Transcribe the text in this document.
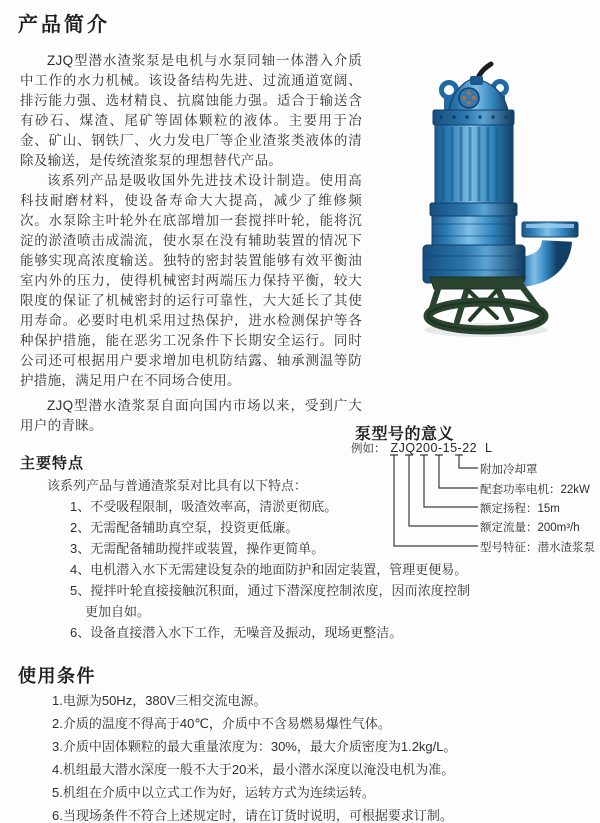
产品简介

ZJQ型潜水渣浆泵是电机与水泵同轴一体潜入介质中工作的水力机械。该设备结构先进、过流通道宽阔、排污能力强、选材精良、抗腐蚀能力强。适合于输送含有砂石、煤渣、尾矿等固体颗粒的液体。主要用于冶金、矿山、钢铁厂、火力发电厂等企业渣浆类液体的清除及输送，是传统渣浆泵的理想替代产品。

该系列产品是吸收国外先进技术设计制造。使用高科技耐磨材料，使设备寿命大大提高，减少了维修频次。水泵除主叶轮外在底部增加一套搅拌叶轮，能将沉淀的淤渣喷击成湍流，使水泵在没有辅助装置的情况下能够实现高浓度输送。独特的密封装置能够有效平衡油室内外的压力，使得机械密封两端压力保持平衡，较大限度的保证了机械密封的运行可靠性，大大延长了其使用寿命。必要时电机采用过热保护，进水检测保护等各种保护措施，能在恶劣工况条件下长期安全运行。同时公司还可根据用户要求增加电机防结露、轴承测温等防护措施，满足用户在不同场合使用。

ZJQ型潜水渣浆泵自面向国内市场以来，受到广大用户的青睐。

泵型号的意义
例如： ZJQ200-15-22  L
附加冷却罩
配套功率电机：22kW
额定扬程：15m
额定流量：200m³/h
型号特征：潜水渣浆泵
主要特点
该系列产品与普通渣浆泵对比具有以下特点：
1、不受吸程限制，吸渣效率高，清淤更彻底。
2、无需配备辅助真空泵，投资更低廉。
3、无需配备辅助搅拌或装置，操作更简单。
4、电机潜入水下无需建设复杂的地面防护和固定装置，管理更便易。
5、搅拌叶轮直接接触沉积面，通过下潜深度控制浓度，因而浓度控制更加自如。
6、设备直接潜入水下工作，无噪音及振动，现场更整洁。
使用条件
1.电源为50Hz，380V三相交流电源。
2.介质的温度不得高于40℃，介质中不含易燃易爆性气体。
3.介质中固体颗粒的最大重量浓度为：30%，最大介质密度为1.2kg/L。
4.机组最大潜水深度一般不大于20米，最小潜水深度以淹没电机为准。
5.机组在介质中以立式工作为好，运转方式为连续运转。
6.当现场条件不符合上述规定时，请在订货时说明，可根据要求订制。
